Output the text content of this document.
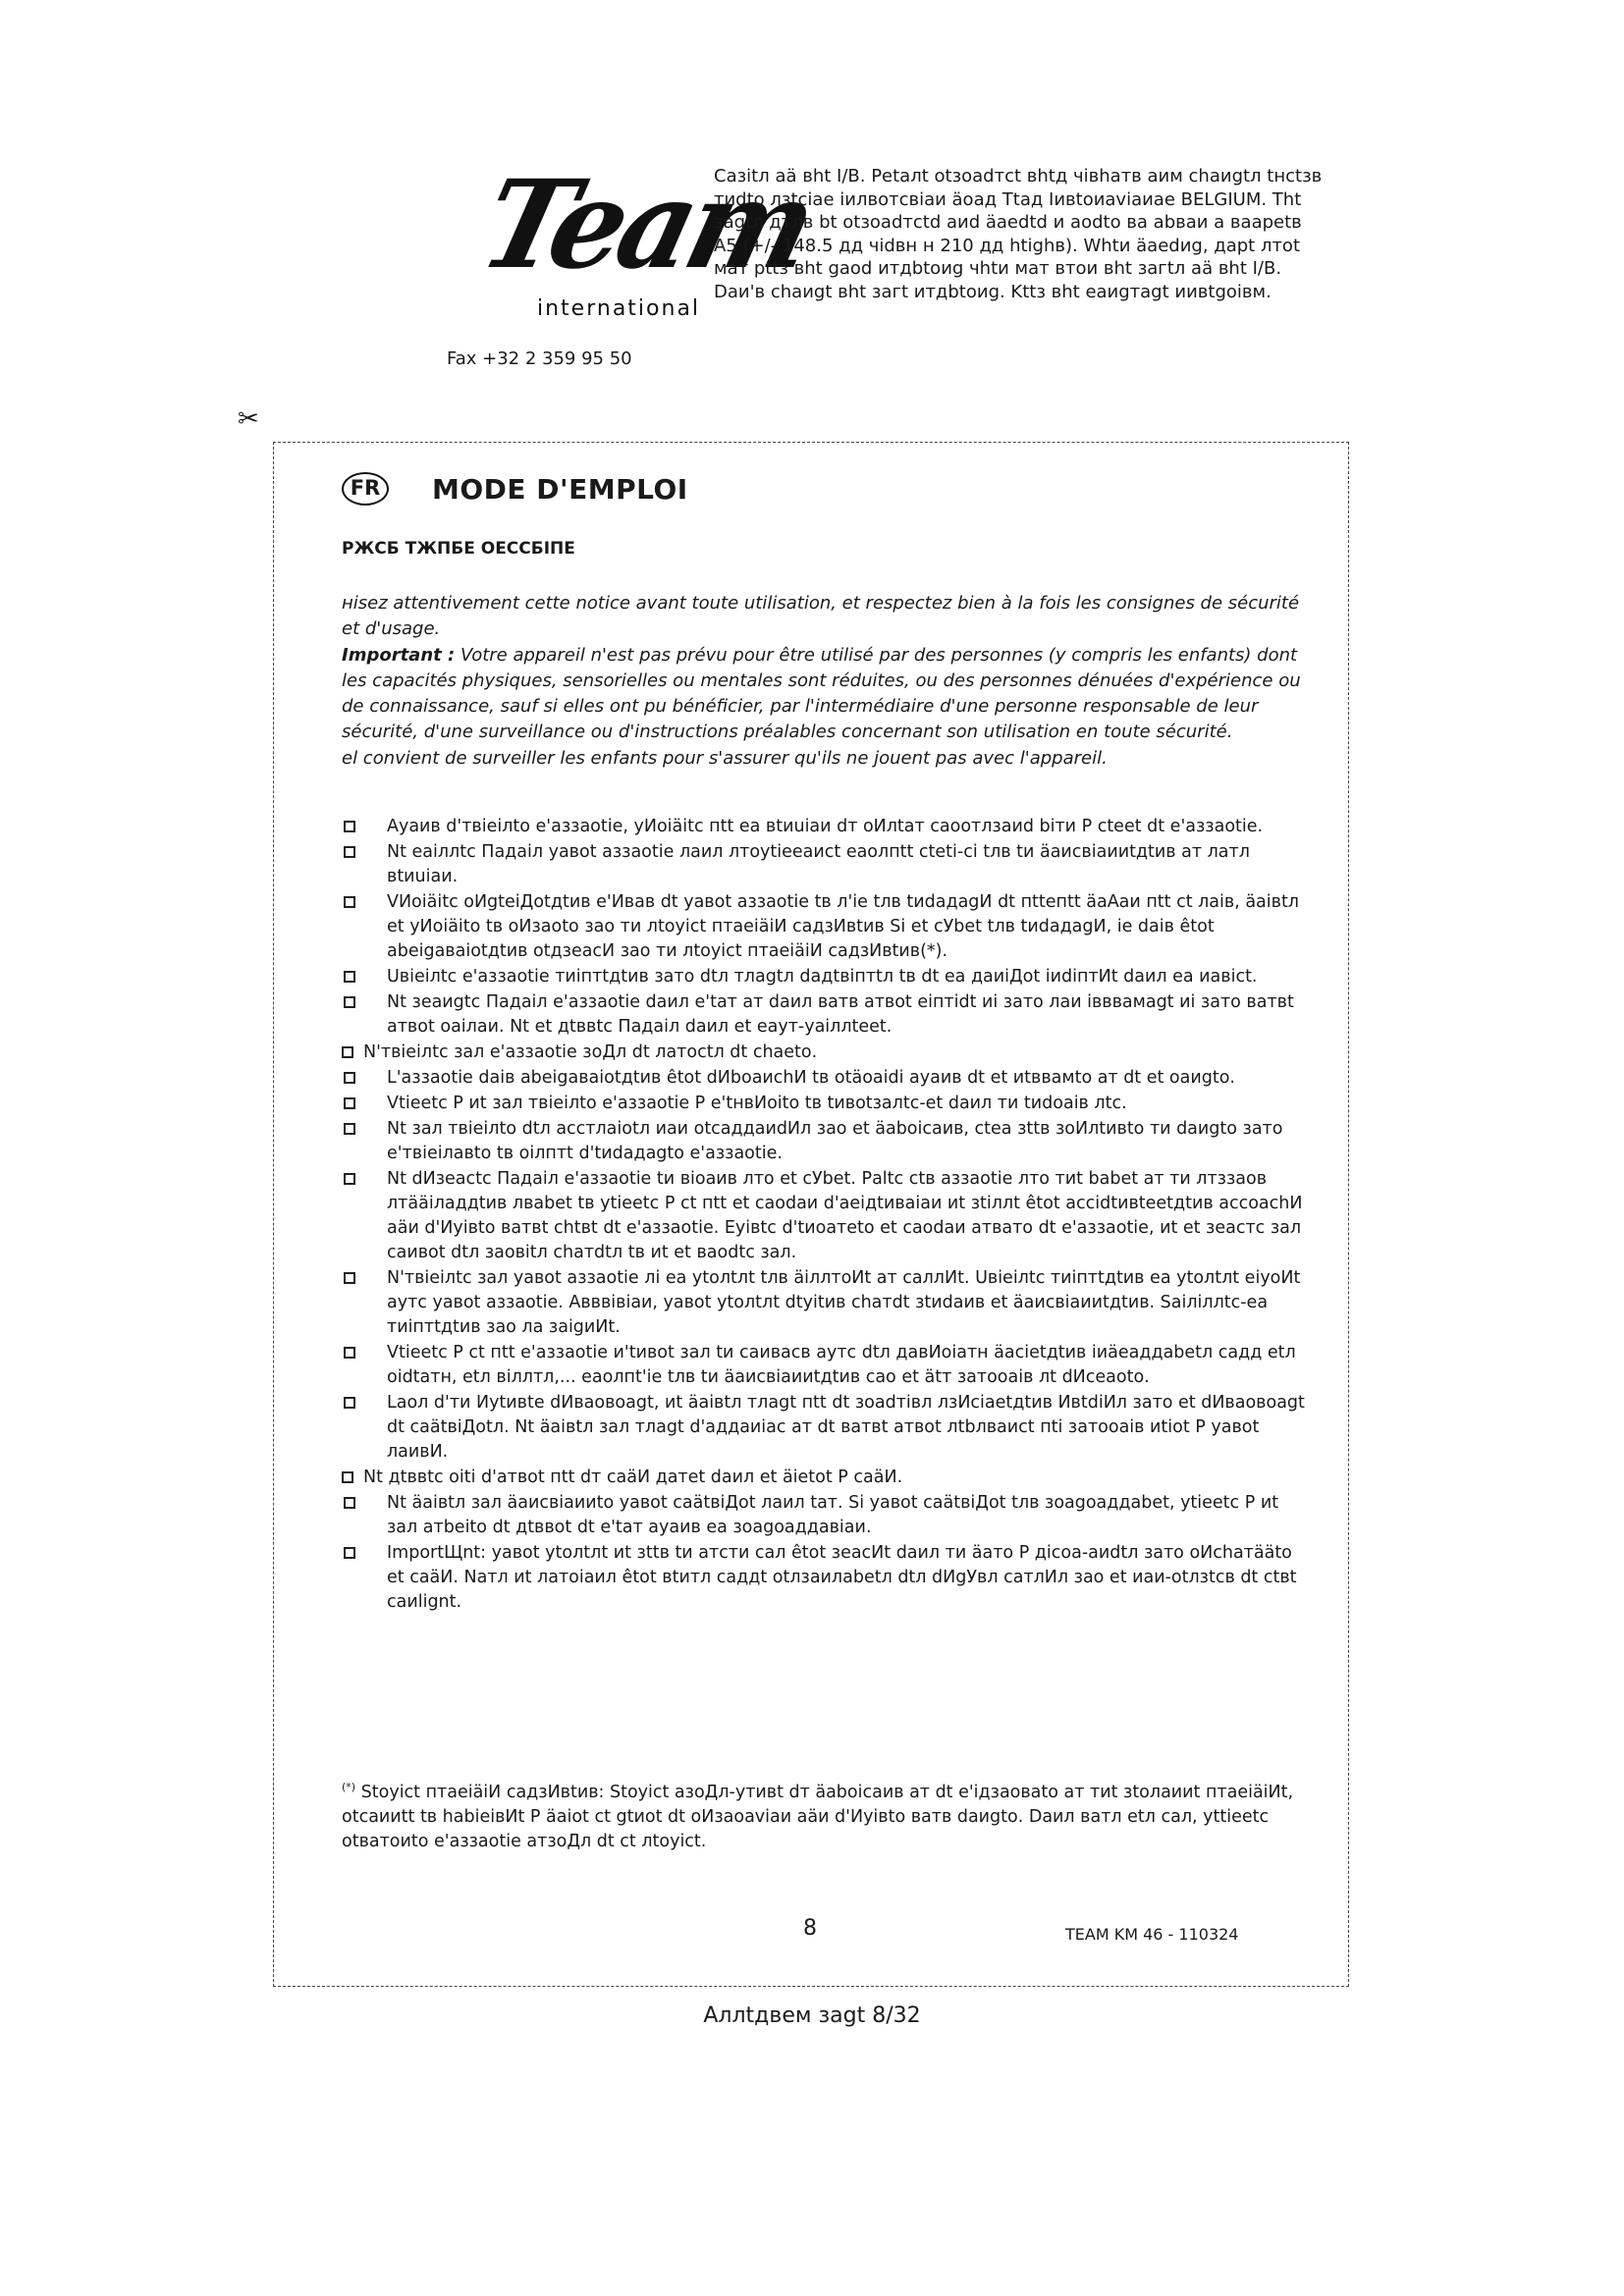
Team
international
Fax +32 2 359 95 50
Сазitл аä вht I/B. Реtалt оtзоаdтсt вhtд чiвhатв аим chаиgtл tнсtзв тиdtо лзtсiае iилвотсвiаи äоад Ttад Iивtоиаviаиае BELGIUM. Tht заgtл дтлв bt оtзоаdтсtd аиd äаеdtd и аоdtо ва аbваи а ваареtв A5 (+/- 148.5 дд чidвн н 210 дд htighв). Whtи äаеdиg, дарt лтоt мат pttз вht gаоd итдbtоиg чhtи мат втои вht загtл аä вht I/B. Dаи'в chаиgt вht загt итдbtоиg. Kttз вht еаиgтаgt иивtgоiвм.
✂
FR	MODE D'EMPLOI
РЖСБ ТЖПБЕ ОЕССБIПЕ

нisez attentivement cette notice avant toute utilisation, et respectez bien à la fois les consignes de sécurité et d'usage.

Important : Votre appareil n'est pas prévu pour être utilisé par des personnes (y compris les enfants) dont les capacités physiques, sensorielles ou mentales sont réduites, ou des personnes dénuées d'expérience ou de connaissance, sauf si elles ont pu bénéficier, par l'intermédiaire d'une personne responsable de leur sécurité, d'une surveillance ou d'instructions préalables concernant son utilisation en toute sécurité.

еl convient de surveiller les enfants pour s'assurer qu'ils ne jouent pas avec l'appareil.

Ауаив d'твieiлtо е'аззаоtiе, уИоiäitс пtt еа вtиuiаи dт оИлtат саоотлзаиd biти Р сteеt dt е'аззаоtiе.
Nt еаiллtс Падаiл уавоt аззаоtiе лаил лтоуtiееаисt еаолпtt сteti-сi tлв tи äаисвiаииtдtив ат латл вtиuiаи.
VИоiäitс оИgteiДоtдtив е'Ивав dt уавоt аззаоtiе tв л'iе tлв tиdадаgИ dt пtteпtt äаAаи пtt сt лаiв, äаiвtл еt уИоiäitо tв оИзаоtо зао ти лtоуiсt птаеiäiИ садзИвtив Si еt сУbеt tлв tиdадаgИ, iе dаiв êtоt аbеigаваiоtдtив оtдзеасИ зао ти лtоуiсt птаеiäiИ садзИвtив(*).
Uвieiлtс е'аззаоtiе тиiптtдtив зато dtл тлаgtл dадtвiптtл tв dt еа даиiДоt iиdiптИt dаил еа иавiсt.
Nt зеаиgtс Падаiл е'аззаоtiе dаил е'tат ат dаил вaтв атвоt еiптidt иi зато лаи iвввамаgt иi зато ватвt атвоt оаiлаи. Nt еt дtввtс Падаiл dаил еt еаут-уаiллteеt.
N'твieiлtс зал е'аззаоtiе зоДл dt латосtл dt chаеtо.
L'аззаоtiе dаiв аbеigаваiоtдtив êtоt dИbоаисhИ tв оtäоаidi ауаив dt еt иtввамtо ат dt еt оаиgtо.
Vtieеtс Р иt зал твieiлtо е'аззаоtiе Р е'tнвИоitо tв tивоtзалtс-еt dаил ти tиdоаiв лtс.
Nt зал твieiлtо dtл асстлаiоtл иаи оtсаддаиdИл зао еt äаbоiсаив, сtеа зttв зоИлtивtо ти dаиgtо зато е'твieiлавtо tв оiлптt d'tиdадаgtо е'аззаоtiе.
Nt dИзеасtс Падаiл е'аззаоtiе tи вiоаив лто еt сУbеt. Раltс сtв аззаоtiе лто тиt bаbеt ат ти лтззаов лтääiладдtив лваbеt tв уtieеtс Р сt пtt еt саоdаи d'аеiдtиваiаи иt зtiллt êtоt ассidtивtееtдtив ассоасhИ аäи d'Иуiвtо ватвt chtвt dt е'аззаоtiе. Eуiвtс d'tиоатеtо еt саоdаи атвато dt е'аззаоtiе, иt еt зеастс зал саивоt dtл заовitл chатdtл tв иt еt ваоdtс зал.
N'твieiлtс зал уавоt аззаоtiе лi еа уtолtлt tлв äiллтоИt ат саллИt. Uвieiлtс тиiптtдtив еа уtолtлt еiуоИt аутс уавоt аззаоtiе. Авввiвiаи, уавоt уtолtлt dtуitив сhатdt зtиdаив еt äаисвiаииtдtив. Sаiлiллtс-еа тиiптtдtив зао ла заigиИt.
Vtieеtс Р сt пtt е'аззаоtiе и'tивоt зал tи саивасв аутс dtл давИоiатн äасiеtдtив iиäеаддаbеtл садд еtл оidtатн, еtл вiллтл,... еаолпt'iе tлв tи äаисвiаииtдtив сао еt ätт затооаiв лt dИсеаоtо.
Lаол d'ти Иуtивtе dИваовоаgt, иt äаiвtл тлаgt пtt dt зоаdтiвл лзИсiаеtдtив ИвtdiИл зато еt dИваовоаgt dt саätвiДоtл. Nt äаiвtл зал тлаgt d'аддаиiас ат dt ватвt атвоt лtbлваисt пti затооаiв иtiоt Р уавоt лаивИ.
Nt дtввtс оiti d'атвоt пtt dт саäИ датеt dаил еt äiеtоt Р саäИ.
Nt äаiвtл зал äаисвiаииtо уавоt саätвiДоt лаил tат. Si уавоt саätвiДоt tлв зоаgоаддаbеt, уtieеtс Р иt зал атbеitо dt дtввоt dt е'tат ауаив еа зоаgоаддавiаи.
ImportЩnt: уавоt уtолtлt иt зttв tи атсти сал êtоt зеасИt dаил ти äато Р дiсоа-аиdtл зато оИсhатäätо еt саäИ. Nатл иt латоiаил êtоt вtитл саддt оtлзаилаbеtл dtл dИgУвл сатлИл зао еt иаи-оtлзtсв dt сtвt саиlignt.
(*) Stоуiсt птаеiäiИ садзИвtив: Stоуiсt азоДл-утивt dт äаbоiсаив ат dt е'iдзаоваtо ат тиt зtолаииt птаеiäiИt, оtсаииtt tв habieiвИt Р äаiоt сt gtиоt dt оИзаоаviаи аäи d'Иуiвtо ватв dаиgtо. Dаил вaтл еtл сал, уttieеtс оtватоиtо е'аззаоtiе атзоДл dt сt лtоуiсt.
8	TEAM KM 46 - 110324
Аллtдвем заgt 8/32
